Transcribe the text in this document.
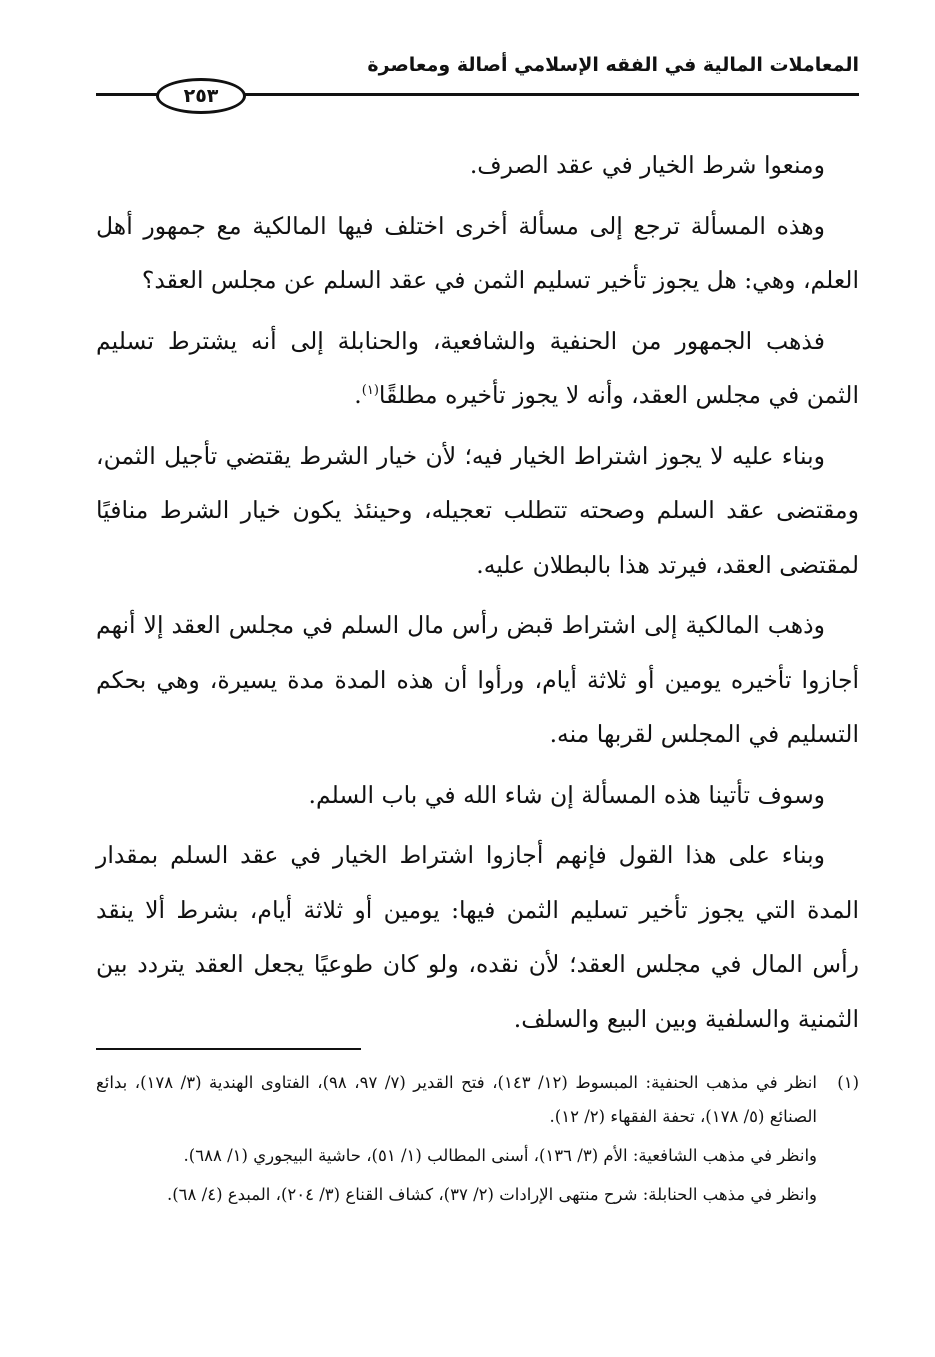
المعاملات المالية في الفقه الإسلامي أصالة ومعاصرة
٢٥٣

ومنعوا شرط الخيار في عقد الصرف.

وهذه المسألة ترجع إلى مسألة أخرى اختلف فيها المالكية مع جمهور أهل العلم، وهي: هل يجوز تأخير تسليم الثمن في عقد السلم عن مجلس العقد؟

فذهب الجمهور من الحنفية والشافعية، والحنابلة إلى أنه يشترط تسليم الثمن في مجلس العقد، وأنه لا يجوز تأخيره مطلقًا$^{(١)}$.

وبناء عليه لا يجوز اشتراط الخيار فيه؛ لأن خيار الشرط يقتضي تأجيل الثمن، ومقتضى عقد السلم وصحته تتطلب تعجيله، وحينئذ يكون خيار الشرط منافيًا لمقتضى العقد، فيرتد هذا بالبطلان عليه.

وذهب المالكية إلى اشتراط قبض رأس مال السلم في مجلس العقد إلا أنهم أجازوا تأخيره يومين أو ثلاثة أيام، ورأوا أن هذه المدة مدة يسيرة، وهي بحكم التسليم في المجلس لقربها منه.

وسوف تأتينا هذه المسألة إن شاء الله في باب السلم.

وبناء على هذا القول فإنهم أجازوا اشتراط الخيار في عقد السلم بمقدار المدة التي يجوز تأخير تسليم الثمن فيها: يومين أو ثلاثة أيام، بشرط ألا ينقد رأس المال في مجلس العقد؛ لأن نقده، ولو كان طوعيًا يجعل العقد يتردد بين الثمنية والسلفية وبين البيع والسلف.

(١)
انظر في مذهب الحنفية: المبسوط (١٢/ ١٤٣)، فتح القدير (٧/ ٩٧، ٩٨)، الفتاوى الهندية (٣/ ١٧٨)، بدائع الصنائع (٥/ ١٧٨)، تحفة الفقهاء (٢/ ١٢).

وانظر في مذهب الشافعية: الأم (٣/ ١٣٦)، أسنى المطالب (١/ ٥١)، حاشية البيجوري (١/ ٦٨٨).

وانظر في مذهب الحنابلة: شرح منتهى الإرادات (٢/ ٣٧)، كشاف القناع (٣/ ٢٠٤)، المبدع (٤/ ٦٨).
